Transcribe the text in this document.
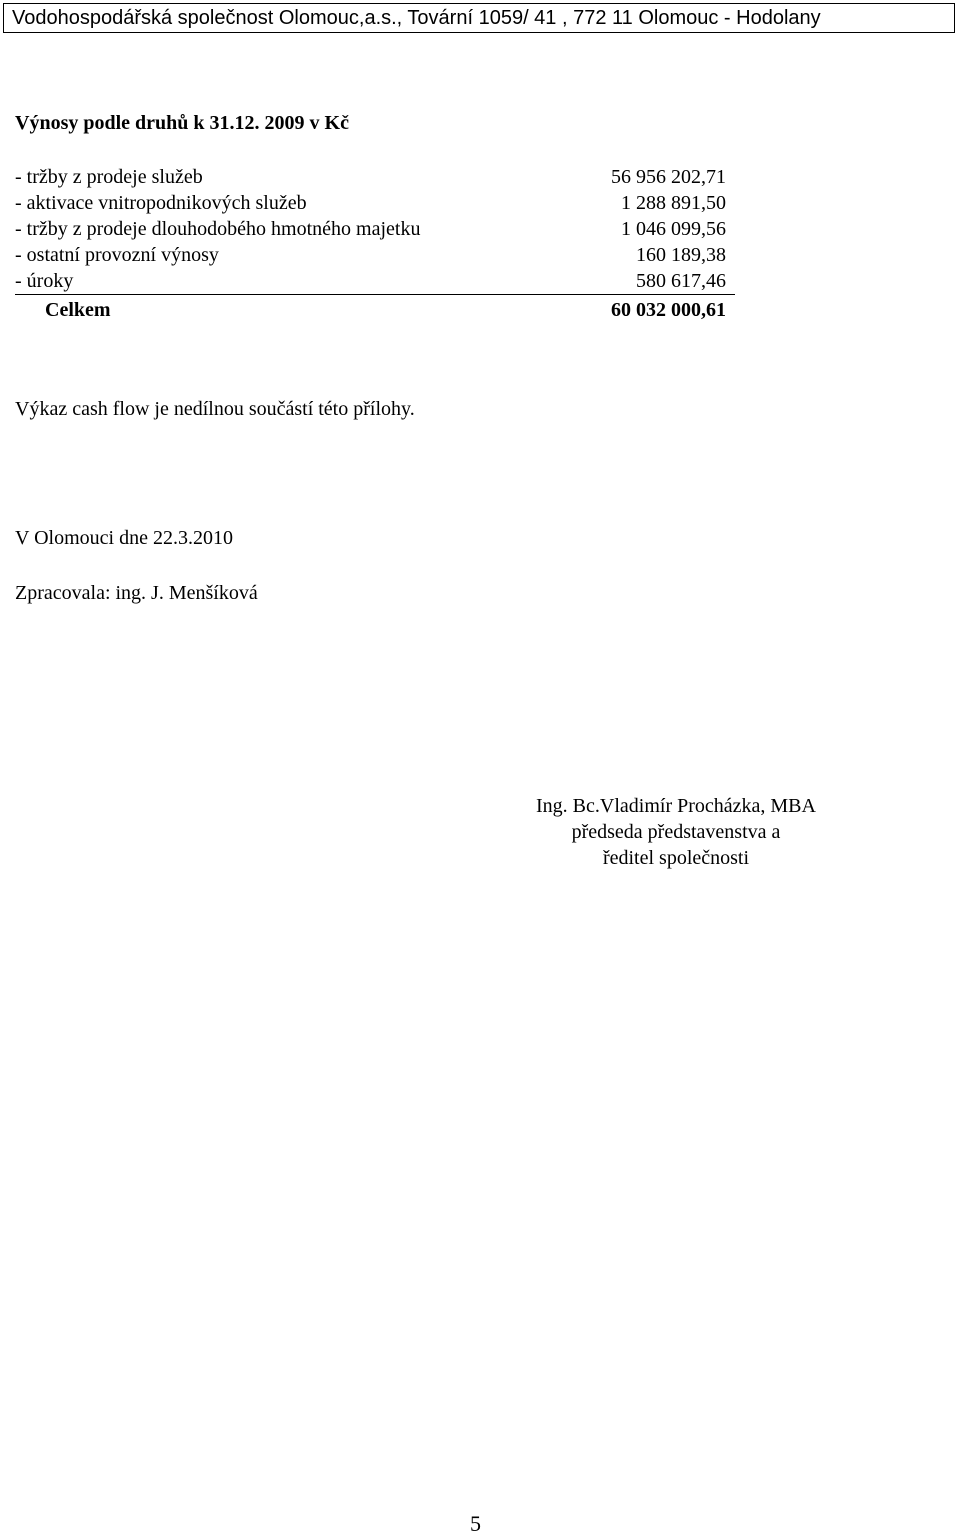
Vodohospodářská společnost Olomouc,a.s., Tovární 1059/ 41 , 772 11 Olomouc - Hodolany
Výnosy podle druhů k 31.12. 2009 v Kč
- tržby z prodeje služeb	56 956 202,71
- aktivace vnitropodnikových služeb	1 288 891,50
- tržby z prodeje dlouhodobého hmotného majetku	1 046 099,56
- ostatní provozní výnosy	160 189,38
- úroky	580 617,46
Celkem	60 032 000,61
Výkaz cash flow je nedílnou součástí této přílohy.
V Olomouci dne 22.3.2010
Zpracovala: ing. J. Menšíková
Ing. Bc.Vladimír Procházka, MBA
předseda představenstva a
ředitel společnosti
5
